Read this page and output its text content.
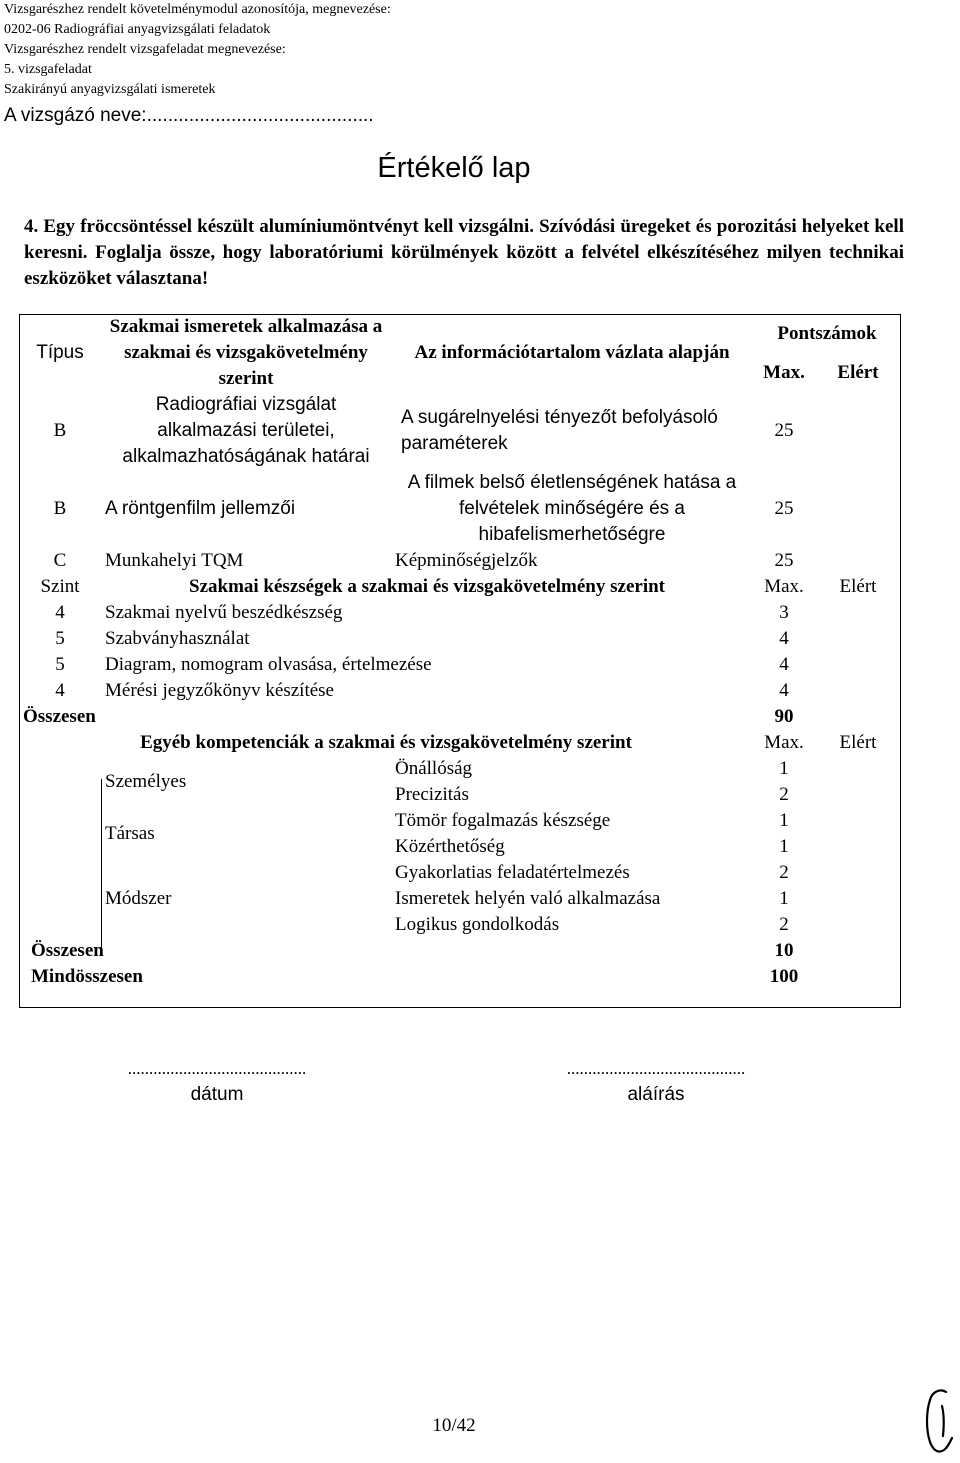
Vizsgarészhez rendelt követelménymodul azonosítója, megnevezése:
0202-06 Radiográfiai anyagvizsgálati feladatok
Vizsgarészhez rendelt vizsgafeladat megnevezése:
5. vizsgafeladat
Szakirányú anyagvizsgálati ismeretek
A vizsgázó neve:...........................................
Értékelő lap
4. Egy fröccsöntéssel készült alumíniumöntvényt kell vizsgálni. Szívódási üregeket és porozitási helyeket kell keresni. Foglalja össze, hogy laboratóriumi körülmények között a felvétel elkészítéséhez milyen technikai eszközöket választana!
Típus	Szakmai ismeretek alkalmazása a szakmai és vizsgakövetelmény szerint	Az információtartalom vázlata alapján	Pontszámok	
			Max.	Elért
B	Radiográfiai vizsgálat alkalmazási területei, alkalmazhatóságának határai	A sugárelnyelési tényezőt befolyásoló paraméterek	25	
B	A röntgenfilm jellemzői	A filmek belső életlenségének hatása a felvételek minőségére és a hibafelismerhetőségre	25	
C	Munkahelyi TQM	Képminőségjelzők	25	
Szint	Szakmai készségek a szakmai és vizsgakövetelmény szerint		Max.	Elért
4	Szakmai nyelvű beszédkészség		3	
5	Szabványhasználat		4	
5	Diagram, nomogram olvasása, értelmezése		4	
4	Mérési jegyzőkönyv készítése		4	
Összesen			90	
Egyéb kompetenciák a szakmai és vizsgakövetelmény szerint			Max.	Elért
	Személyes	Önállóság	1	
		Precizitás	2	
	Társas	Tömör fogalmazás készsége	1	
		Közérthetőség	1	
	Módszer	Gyakorlatias feladatértelmezés	2	
		Ismeretek helyén való alkalmazása	1	
		Logikus gondolkodás	2	
Összesen			10	
Mindösszesen			100	
..........................................
dátum
..........................................
aláírás
10/42
